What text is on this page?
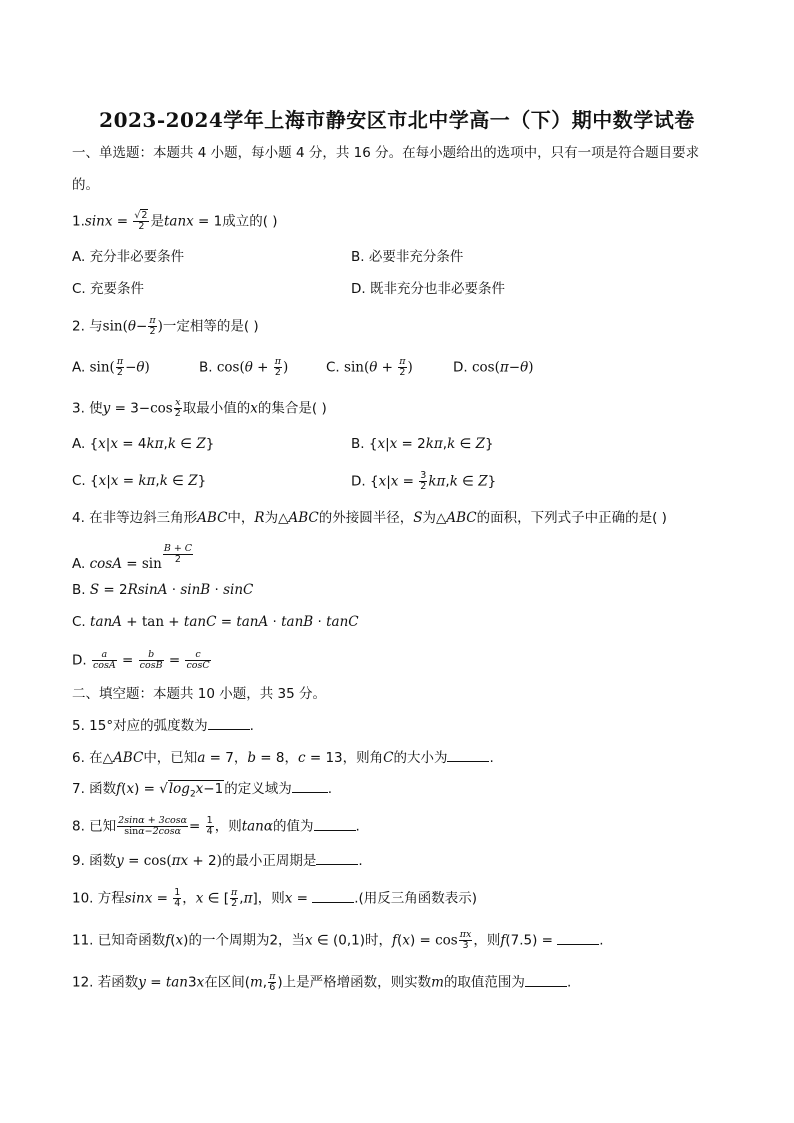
2023-2024学年上海市静安区市北中学高一（下）期中数学试卷
一、单选题：本题共 4 小题，每小题 4 分，共 16 分。在每小题给出的选项中，只有一项是符合题目要求
的。
$1.\sin x = \frac{√2}{2}$ 是tanx = 1成立的( )
A. 充分非必要条件	B. 必要非充分条件
C. 充要条件	D. 既非充分也非必要条件
2. 与$\sin(\theta- \frac{\pi}{2}$ )一定相等的是( )
A. $\sin( \frac{\pi}{2} -\theta)$	B. $\cos(\theta + \frac{\pi}{2}$ )	C. $\sin(\theta + \frac{\pi}{2}$ )	D. cos(π−θ)
3. 使$y = 3-\cos \frac{x}{2}$ 取最小值的x的集合是( )
A. {x|x = 4kπ,k ∈ Z}	B. {x|x = 2kπ,k ∈ Z}
C. {x|x = kπ,k ∈ Z}	D. {$x|x = \frac{3}{2} k\pi,k$ ∈ Z}
4. 在非等边斜三角形ABC中，R为△ABC的外接圆半径，S为△ABC的面积，下列式子中正确的是( )
A. $\cos A = \sin \frac{B + C}{2}$
B. S = 2RsinA · sinB · sinC
C. tanA + tan + tanC = tanA · tanB · tanC
D. $\frac{a}{\cos A} = \frac{b}{\cos B} = \frac{c}{\cos C}$
二、填空题：本题共 10 小题，共 35 分。
5. 15°对应的弧度数为	.
6. 在△ABC中，已知a = 7，b = 8，c = 13，则角C的大小为	.
7. 函数$f(x) = √\log_2x-1$的定义域为	.
8. 已知 $\frac{2\sin\alpha + 3\cos\alpha}{\sin\alpha-2\cos\alpha} = \frac{1}{4}$ ，则tanα的值为	.
9. 函数y = cos(πx + 2)的最小正周期是	.
10. 方程$\sin x = \frac{1}{4}$ ，x ∈ [ $\frac{\pi}{2} ,\pi$]，则x =	.(用反三角函数表示)
11. 已知奇函数f(x)的一个周期为2，当x ∈ (0,1)时，$f(x) = \cos \frac{\pi x}{3}$ ，则f(7.5) =	.
12. 若函数y = tan3x在区间(m, $\frac{\pi}{6}$ )上是严格增函数，则实数m的取值范围为	.
